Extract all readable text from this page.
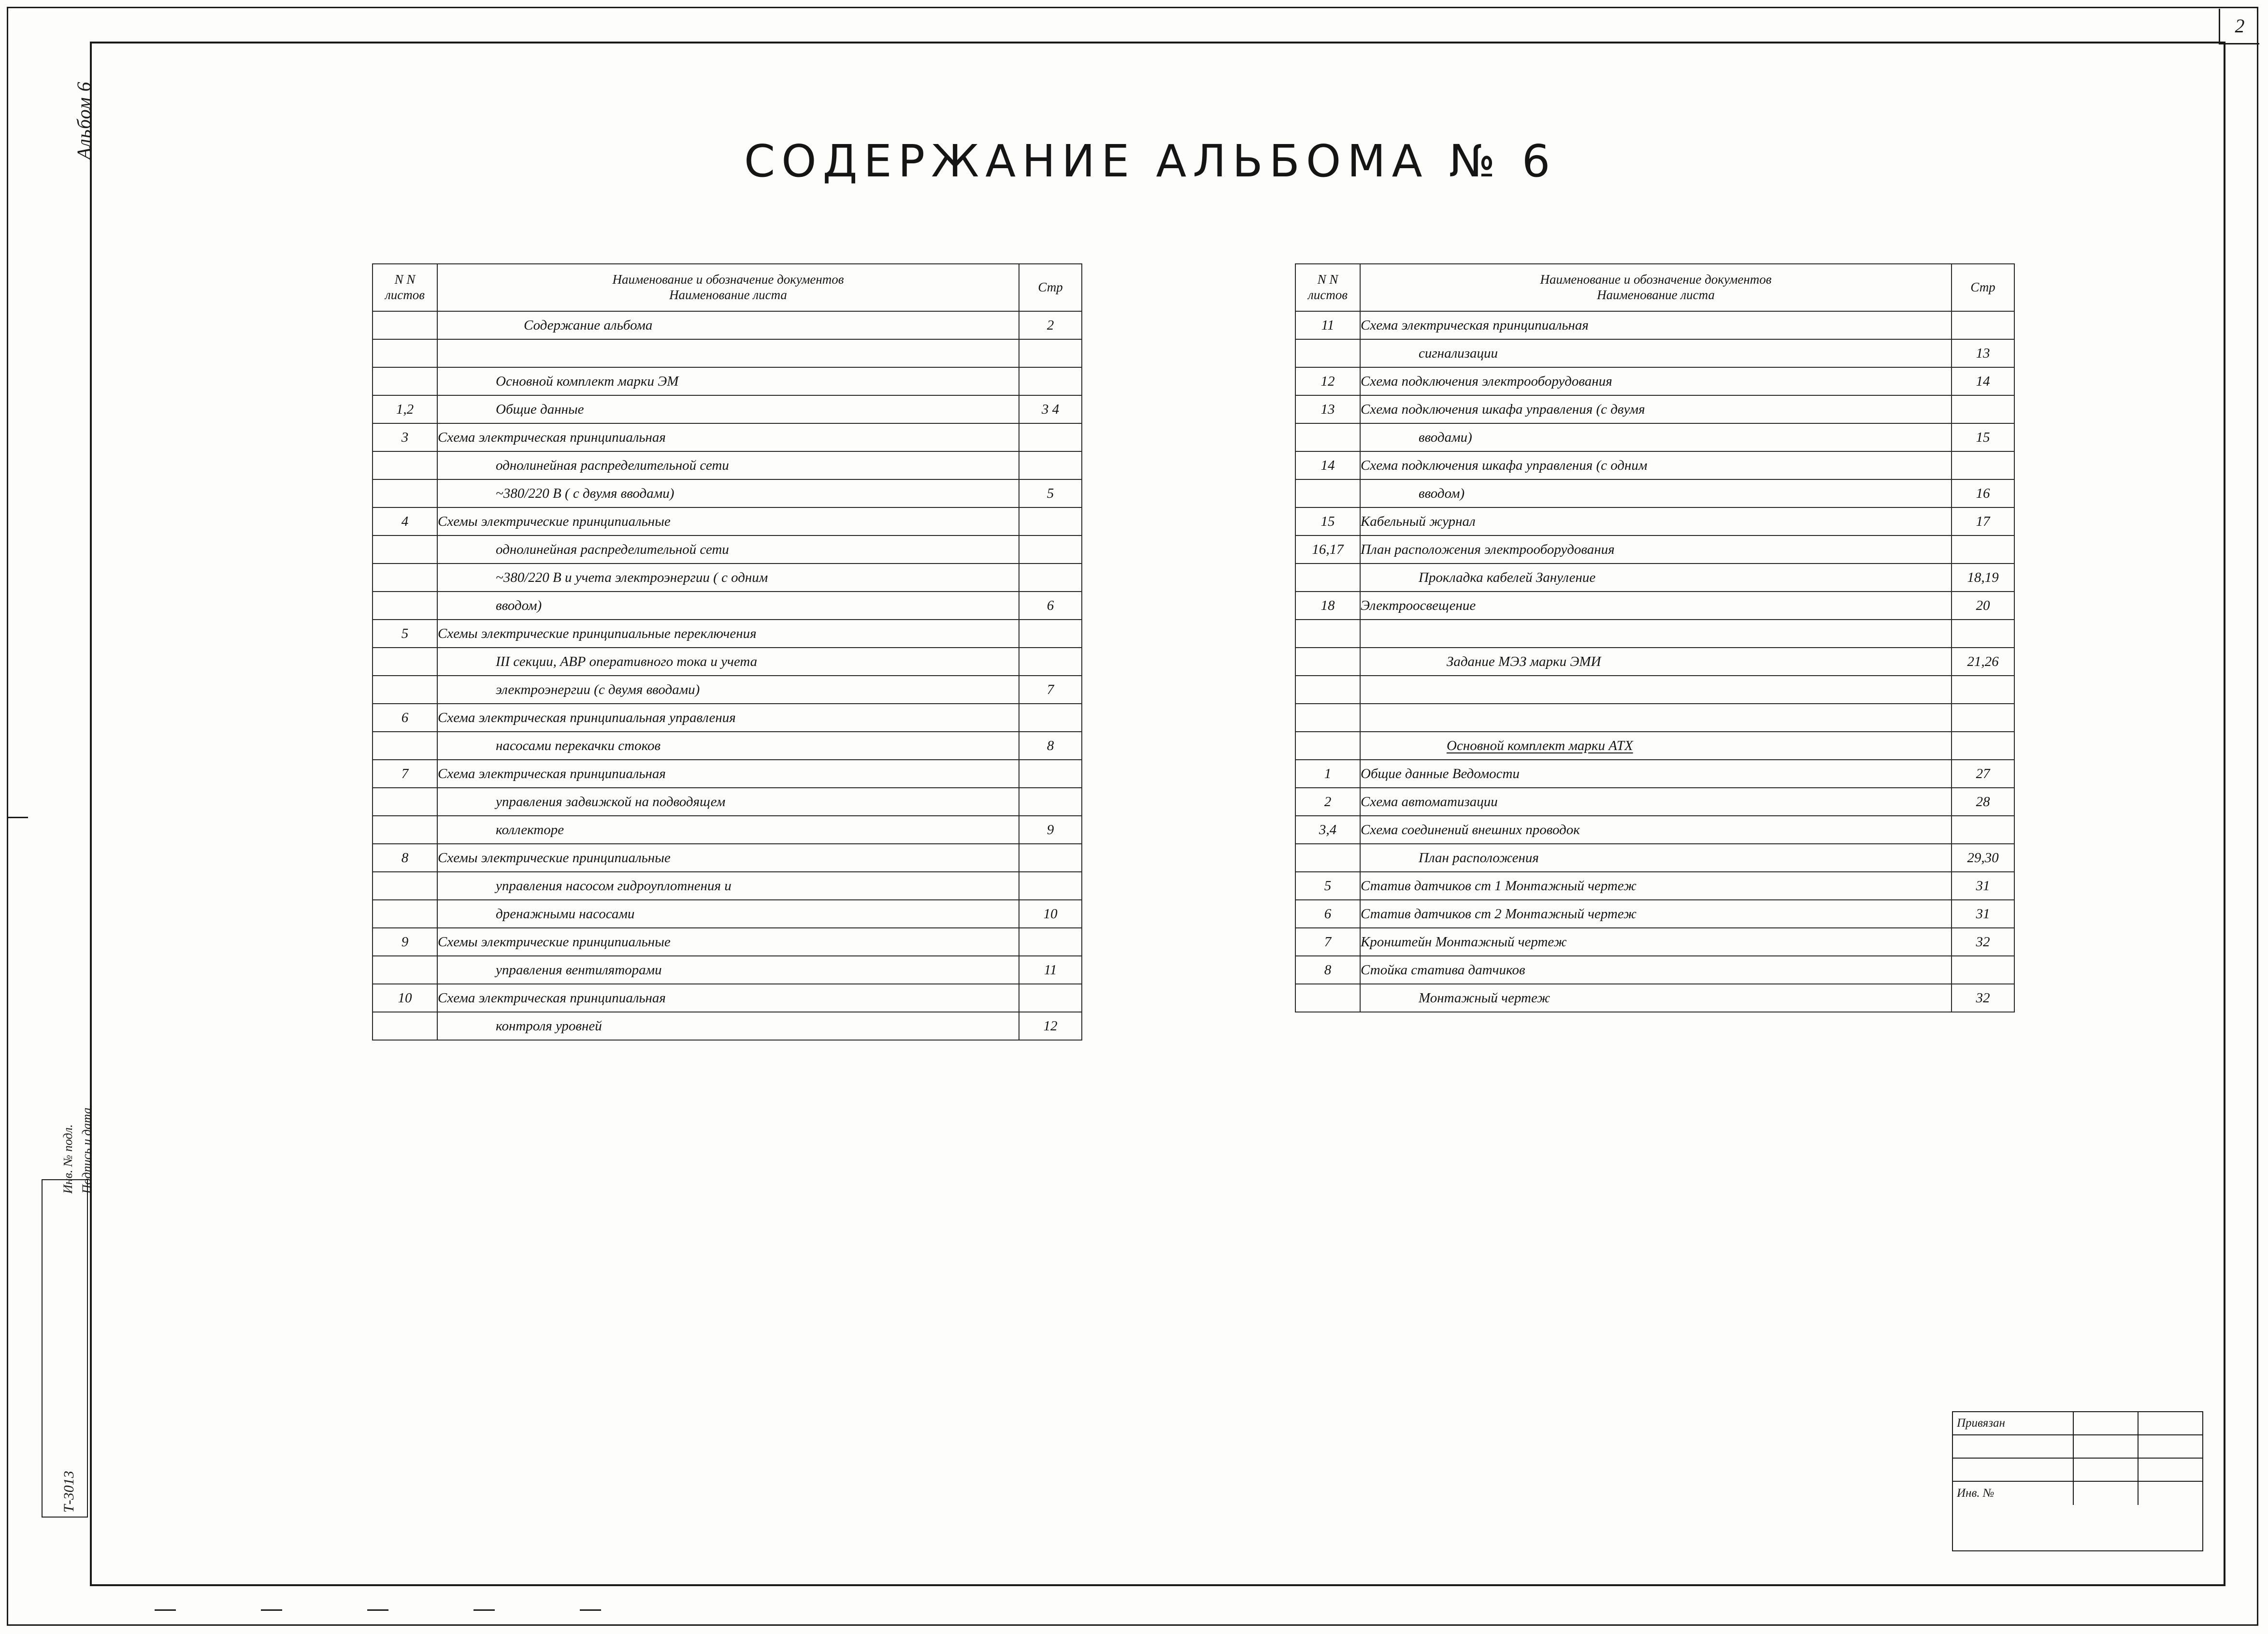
2
Альбом 6
Инв. № подл. Подпись и дата
Т-3013
СОДЕРЖАНИЕ АЛЬБОМА № 6
N N
листов	Наименование и обозначение документов
Наименование листа	Стр

	Содержание альбома	2

	Основной комплект марки ЭМ	

1,2	Общие данные	3 4
3	Схема электрическая принципиальная	

	однолинейная распределительной сети	

	~380/220 В ( с двумя вводами)	5
4	Схемы электрические принципиальные	

	однолинейная распределительной сети	

	~380/220 В и учета электроэнергии ( с одним	

	вводом)	6
5	Схемы электрические принципиальные переключения	

	III секции, АВР оперативного тока и учета	

	электроэнергии (с двумя вводами)	7
6	Схема электрическая принципиальная управления	

	насосами перекачки стоков	8
7	Схема электрическая принципиальная	

	управления задвижкой на подводящем	

	коллекторе	9
8	Схемы электрические принципиальные	

	управления насосом гидроуплотнения и	

	дренажными насосами	10
9	Схемы электрические принципиальные	

	управления вентиляторами	11
10	Схема электрическая принципиальная	

	контроля уровней	12
N N
листов	Наименование и обозначение документов
Наименование листа	Стр
11	Схема электрическая принципиальная	

	сигнализации	13
12	Схема подключения электрооборудования	14
13	Схема подключения шкафа управления (с двумя	

	вводами)	15
14	Схема подключения шкафа управления (с одним	

	вводом)	16
15	Кабельный журнал	17
16,17	План расположения электрооборудования	

	Прокладка кабелей Зануление	18,19
18	Электроосвещение	20

	Задание МЭЗ марки ЭМИ	21,26

	Основной комплект марки АТХ	

1	Общие данные Ведомости	27
2	Схема автоматизации	28
3,4	Схема соединений внешних проводок	

	План расположения	29,30
5	Статив датчиков ст 1 Монтажный чертеж	31
6	Статив датчиков ст 2 Монтажный чертеж	31
7	Кронштейн Монтажный чертеж	32
8	Стойка статива датчиков	

	Монтажный чертеж	32
Привязан
Инв. №
